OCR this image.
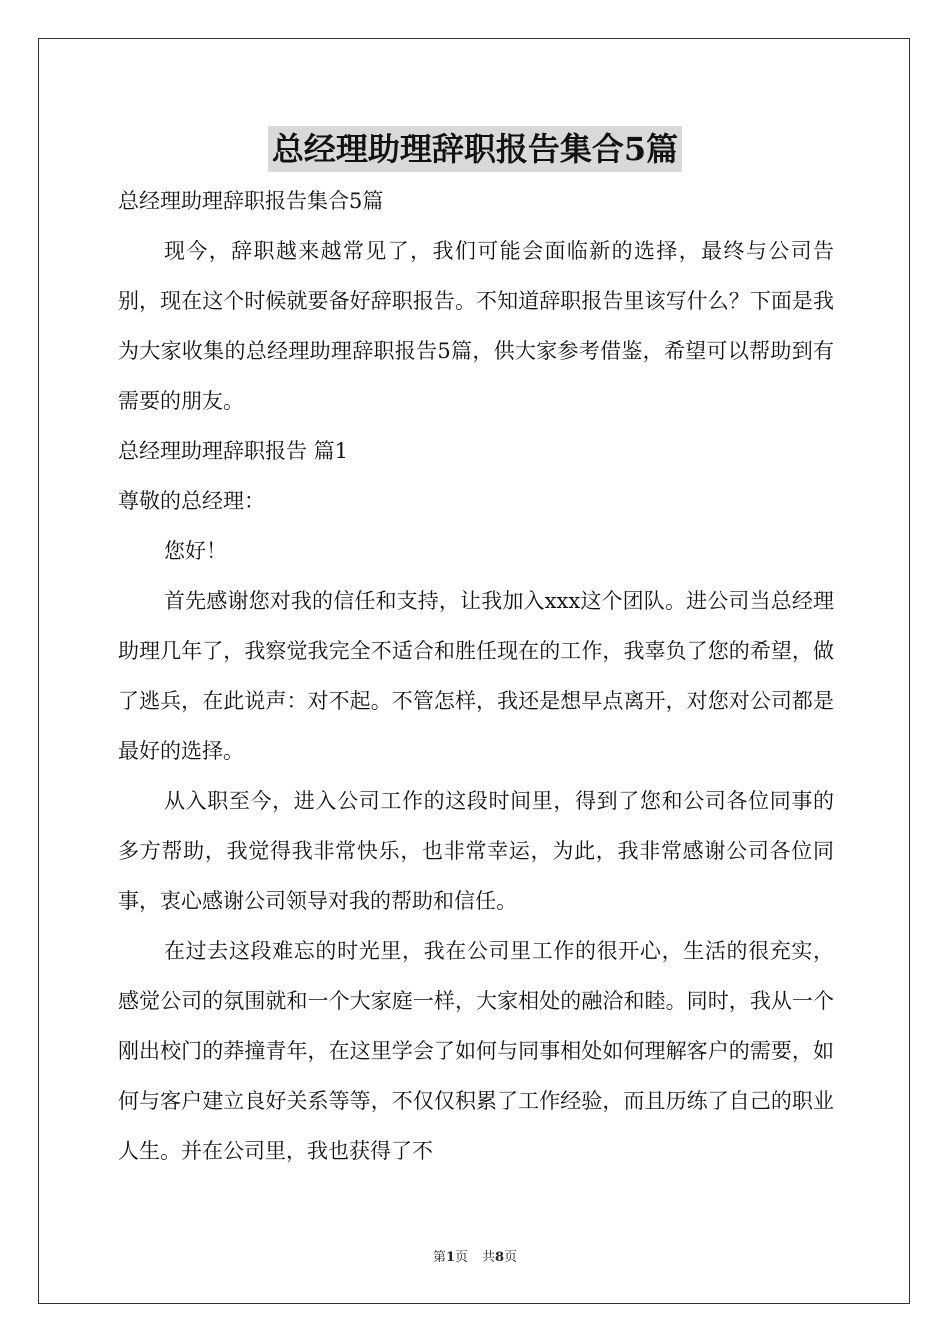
总经理助理辞职报告集合5篇

总经理助理辞职报告集合5篇

现今，辞职越来越常见了，我们可能会面临新的选择，最终与公司告别，现在这个时候就要备好辞职报告。不知道辞职报告里该写什么？下面是我为大家收集的总经理助理辞职报告5篇，供大家参考借鉴，希望可以帮助到有需要的朋友。

总经理助理辞职报告 篇1

尊敬的总经理：

您好！

首先感谢您对我的信任和支持，让我加入xxx这个团队。进公司当总经理助理几年了，我察觉我完全不适合和胜任现在的工作，我辜负了您的希望，做了逃兵，在此说声：对不起。不管怎样，我还是想早点离开，对您对公司都是最好的选择。

从入职至今，进入公司工作的这段时间里，得到了您和公司各位同事的多方帮助，我觉得我非常快乐，也非常幸运，为此，我非常感谢公司各位同事，衷心感谢公司领导对我的帮助和信任。

在过去这段难忘的时光里，我在公司里工作的很开心，生活的很充实，感觉公司的氛围就和一个大家庭一样，大家相处的融洽和睦。同时，我从一个刚出校门的莽撞青年，在这里学会了如何与同事相处如何理解客户的需要，如何与客户建立良好关系等等，不仅仅积累了工作经验，而且历练了自己的职业人生。并在公司里，我也获得了不

第1页 共8页
